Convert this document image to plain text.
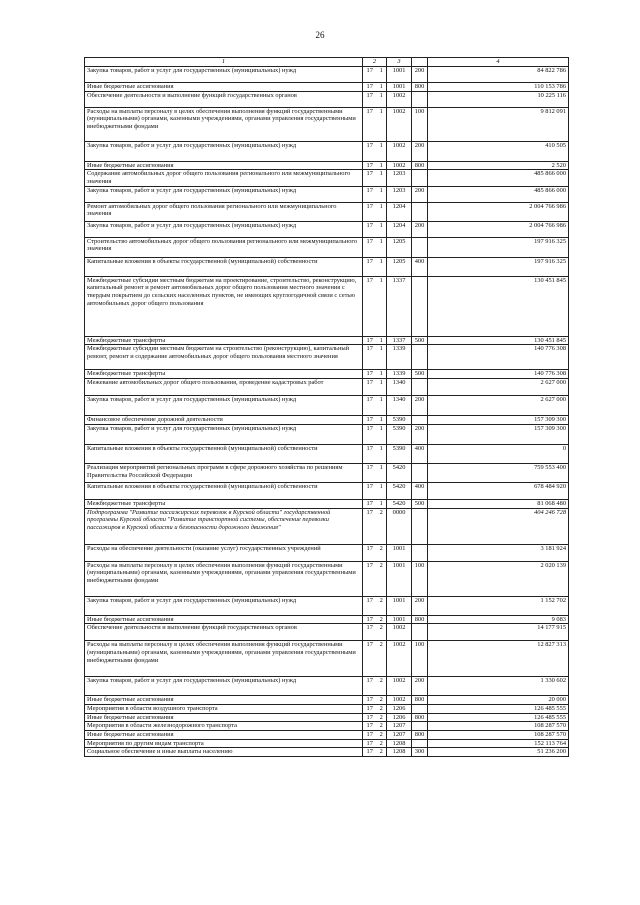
26
1	2		3		4
Закупка товаров, работ и услуг для государственных (муниципальных) нужд	17	1	1001	200	84 822 786
Иные бюджетные ассигнования	17	1	1001	800	110 153 786
Обеспечение деятельности и выполнение функций государственных органов	17	1	1002		10 225 116
Расходы на выплаты персоналу в целях обеспечения выполнения функций государственными (муниципальными) органами, казенными учреждениями, органами управления государственными внебюджетными фондами	17	1	1002	100	9 812 091
Закупка товаров, работ и услуг для государственных (муниципальных) нужд	17	1	1002	200	410 505
Иные бюджетные ассигнования	17	1	1002	800	2 520
Содержание автомобильных дорог общего пользования регионального или межмуниципального значения	17	1	1203		485 866 000
Закупка товаров, работ и услуг для государственных (муниципальных) нужд	17	1	1203	200	485 866 000
Ремонт автомобильных дорог общего пользования регионального или межмуниципального значения	17	1	1204		2 004 766 986
Закупка товаров, работ и услуг для государственных (муниципальных) нужд	17	1	1204	200	2 004 766 986
Строительство автомобильных дорог общего пользования регионального или межмуниципального значения	17	1	1205		197 916 325
Капитальные вложения в объекты государственной (муниципальной) собственности	17	1	1205	400	197 916 325
Межбюджетные субсидии местным бюджетам на проектирование, строительство, реконструкцию, капитальный ремонт и ремонт автомобильных дорог общего пользования местного значения с твердым покрытием до сельских населенных пунктов, не имеющих круглогодичной связи с сетью автомобильных дорог общего пользования	17	1	1337		130 451 845
Межбюджетные трансферты	17	1	1337	500	130 451 845
Межбюджетные субсидии местным бюджетам на строительство (реконструкцию), капитальный ремонт, ремонт и содержание автомобильных дорог общего пользования местного значения	17	1	1339		140 776 308
Межбюджетные трансферты	17	1	1339	500	140 776 308
Межевание автомобильных дорог общего пользования, проведение кадастровых работ	17	1	1340		2 627 000
Закупка товаров, работ и услуг для государственных (муниципальных) нужд	17	1	1340	200	2 627 000
Финансовое обеспечение дорожной деятельности	17	1	5390		157 309 300
Закупка товаров, работ и услуг для государственных (муниципальных) нужд	17	1	5390	200	157 309 300
Капитальные вложения в объекты государственной (муниципальной) собственности	17	1	5390	400	0
Реализация мероприятий региональных программ в сфере дорожного хозяйства по решениям Правительства Российской Федерации	17	1	5420		759 553 400
Капитальные вложения в объекты государственной (муниципальной) собственности	17	1	5420	400	678 484 920
Межбюджетные трансферты	17	1	5420	500	81 068 480
Подпрограмма "Развитие пассажирских перевозок в Курской области" государственной программы Курской области "Развитие транспортной системы, обеспечение перевозки пассажиров в Курской области и безопасности дорожного движения"	17	2	0000		404 246 728
Расходы на обеспечение деятельности (оказание услуг) государственных учреждений	17	2	1001		3 181 924
Расходы на выплаты персоналу в целях обеспечения выполнения функций государственными (муниципальными) органами, казенными учреждениями, органами управления государственными внебюджетными фондами	17	2	1001	100	2 020 139
Закупка товаров, работ и услуг для государственных (муниципальных) нужд	17	2	1001	200	1 152 702
Иные бюджетные ассигнования	17	2	1001	800	9 083
Обеспечение деятельности и выполнение функций государственных органов	17	2	1002		14 177 915
Расходы на выплаты персоналу в целях обеспечения выполнения функций государственными (муниципальными) органами, казенными учреждениями, органами управления государственными внебюджетными фондами	17	2	1002	100	12 827 313
Закупка товаров, работ и услуг для государственных (муниципальных) нужд	17	2	1002	200	1 330 602
Иные бюджетные ассигнования	17	2	1002	800	20 000
Мероприятия в области воздушного транспорта	17	2	1206		126 485 555
Иные бюджетные ассигнования	17	2	1206	800	126 485 555
Мероприятия в области железнодорожного транспорта	17	2	1207		108 287 570
Иные бюджетные ассигнования	17	2	1207	800	108 287 570
Мероприятия по другим видам транспорта	17	2	1208		152 113 764
Социальное обеспечение и иные выплаты населению	17	2	1208	300	51 236 200
